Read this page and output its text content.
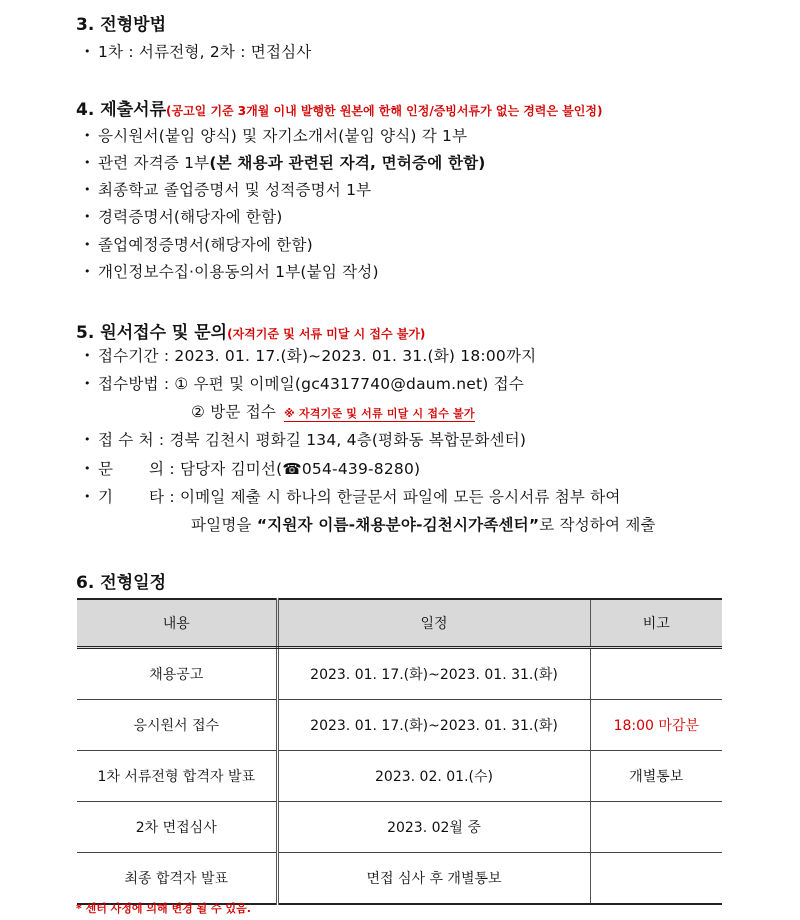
3. 전형방법
• 1차 : 서류전형, 2차 : 면접심사
4. 제출서류(공고일 기준 3개월 이내 발행한 원본에 한해 인정/증빙서류가 없는 경력은 불인정)
• 응시원서(붙임 양식) 및 자기소개서(붙임 양식) 각 1부
• 관련 자격증 1부(본 채용과 관련된 자격, 면허증에 한함)
• 최종학교 졸업증명서 및 성적증명서 1부
• 경력증명서(해당자에 한함)
• 졸업예정증명서(해당자에 한함)
• 개인정보수집·이용동의서 1부(붙임 작성)
5. 원서접수 및 문의(자격기준 및 서류 미달 시 접수 불가)
• 접수기간 : 2023. 01. 17.(화)~2023. 01. 31.(화) 18:00까지
• 접수방법 : ① 우편 및 이메일(gc4317740@daum.net) 접수
② 방문 접수 ※ 자격기준 및 서류 미달 시 접수 불가
• 접 수 처 : 경북 김천시 평화길 134, 4층(평화동 복합문화센터)
• 문       의 : 담당자 김미선(☎054-439-8280)
• 기       타 : 이메일 제출 시 하나의 한글문서 파일에 모든 응시서류 첨부 하여
파일명을 “지원자 이름-채용분야-김천시가족센터”로 작성하여 제출
6. 전형일정
내용	일정	비고
채용공고	2023. 01. 17.(화)~2023. 01. 31.(화)	
응시원서 접수	2023. 01. 17.(화)~2023. 01. 31.(화)	18:00 마감분
1차 서류전형 합격자 발표	2023. 02. 01.(수)	개별통보
2차 면접심사	2023. 02월 중	
최종 합격자 발표	면접 심사 후 개별통보	
* 센터 사정에 의해 변경 될 수 있음.
